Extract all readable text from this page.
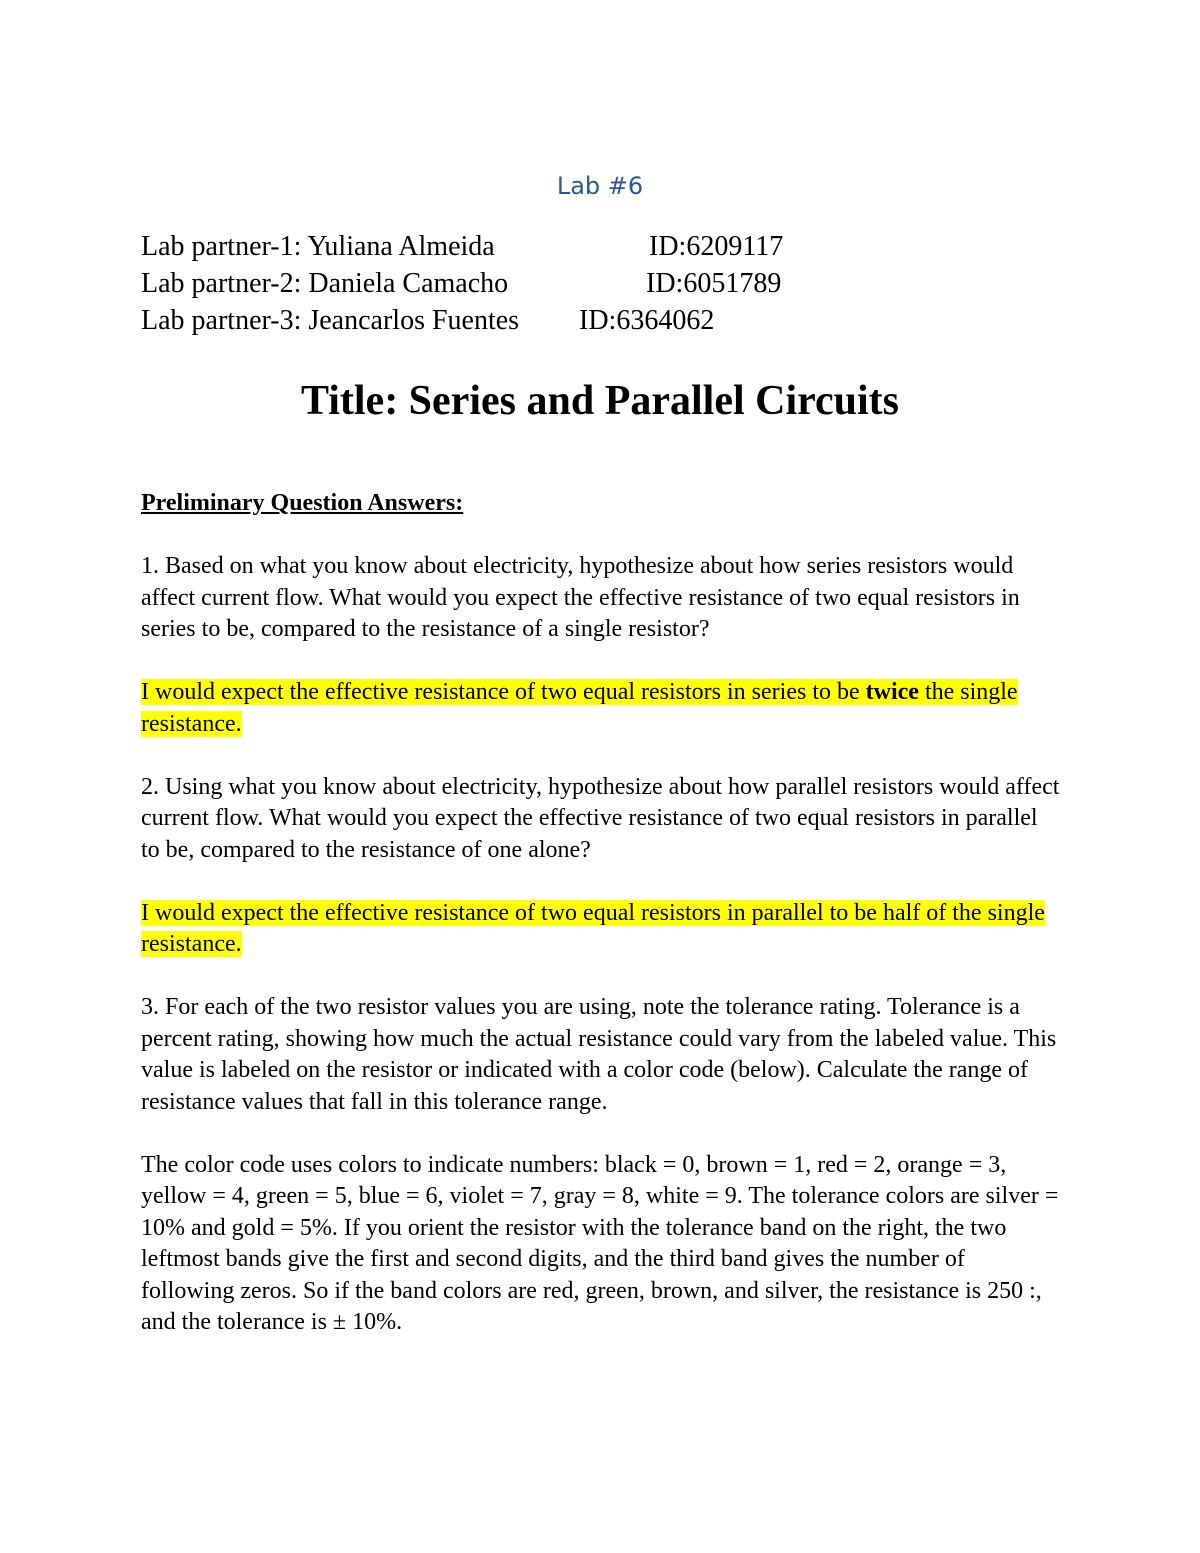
Lab #6
Lab partner-1: Yuliana Almeida	ID:6209117
Lab partner-2: Daniela Camacho	ID:6051789
Lab partner-3: Jeancarlos Fuentes ID:6364062
Title: Series and Parallel Circuits

Preliminary Question Answers:

1. Based on what you know about electricity, hypothesize about how series resistors would affect current flow. What would you expect the effective resistance of two equal resistors in series to be, compared to the resistance of a single resistor?

I would expect the effective resistance of two equal resistors in series to be twice the single resistance.

2. Using what you know about electricity, hypothesize about how parallel resistors would affect current flow. What would you expect the effective resistance of two equal resistors in parallel to be, compared to the resistance of one alone?

I would expect the effective resistance of two equal resistors in parallel to be half of the single resistance.

3. For each of the two resistor values you are using, note the tolerance rating. Tolerance is a percent rating, showing how much the actual resistance could vary from the labeled value. This value is labeled on the resistor or indicated with a color code (below). Calculate the range of resistance values that fall in this tolerance range.

The color code uses colors to indicate numbers: black = 0, brown = 1, red = 2, orange = 3, yellow = 4, green = 5, blue = 6, violet = 7, gray = 8, white = 9. The tolerance colors are silver = 10% and gold = 5%. If you orient the resistor with the tolerance band on the right, the two leftmost bands give the first and second digits, and the third band gives the number of following zeros. So if the band colors are red, green, brown, and silver, the resistance is 250 :, and the tolerance is ± 10%.
